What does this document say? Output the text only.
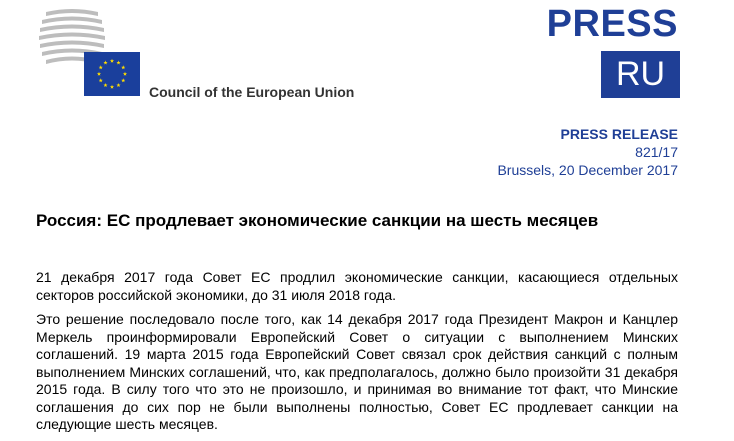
Council of the European Union
PRESS
RU
PRESS RELEASE
821/17
Brussels, 20 December 2017
Россия: ЕС продлевает экономические санкции на шесть месяцев

21 декабря 2017 года Совет ЕС продлил экономические санкции, касающиеся отдельных секторов российской экономики, до 31 июля 2018 года.

Это решение последовало после того, как 14 декабря 2017 года Президент Макрон и Канцлер Меркель проинформировали Европейский Совет о ситуации с выполнением Минских соглашений. 19 марта 2015 года Европейский Совет связал срок действия санкций с полным выполнением Минских соглашений, что, как предполагалось, должно было произойти 31 декабря 2015 года. В силу того что это не произошло, и принимая во внимание тот факт, что Минские соглашения до сих пор не были выполнены полностью, Совет ЕС продлевает санкции на следующие шесть месяцев.
